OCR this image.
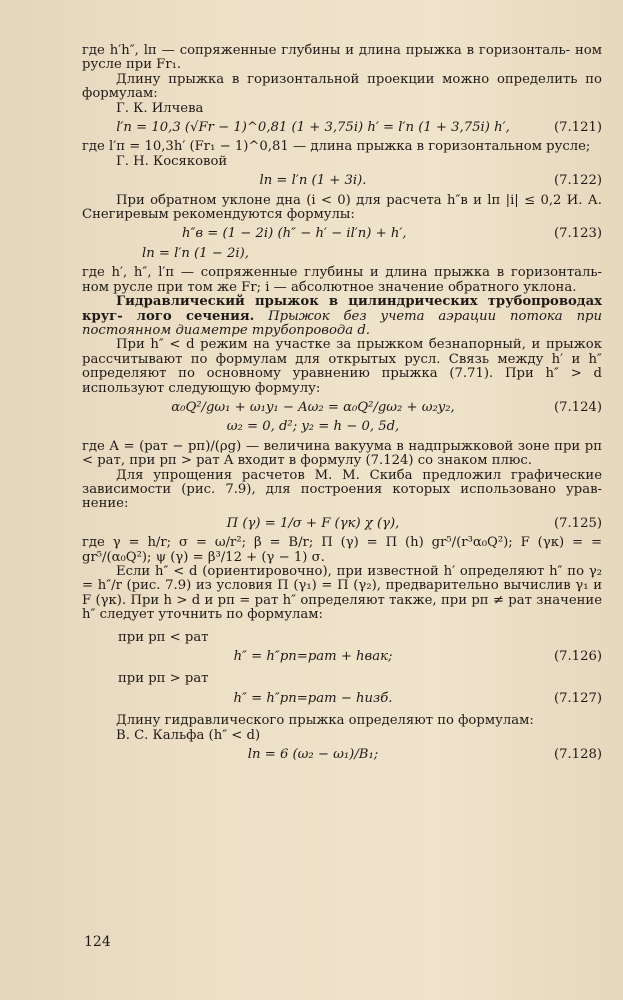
где h′h″, lп — сопряженные глубины и длина прыжка в горизонталь- ном русле при Fr₁.

Длину прыжка в горизонтальной проекции можно определить по формулам:

Г. К. Илчева

l′п = 10,3 (√Fr − 1)^0,81 (1 + 3,75i) h′ = l′п (1 + 3,75i) h′,	(7.121)

где l′п = 10,3h′ (Fr₁ − 1)^0,81 — длина прыжка в горизонтальном русле;

Г. Н. Косяковой

lп = l′п (1 + 3i).	(7.122)

При обратном уклоне дна (i < 0) для расчета h″в и lп |i| ≤ 0,2 И. А. Снегиревым рекомендуются формулы:

h″в = (1 − 2i) (h″ − h′ − il′п) + h′,	(7.123)
lп = l′п (1 − 2i),

где h′, h″, l′п — сопряженные глубины и длина прыжка в горизонталь- ном русле при том же Fr; i — абсолютное значение обратного уклона.

Гидравлический прыжок в цилиндрических трубопроводах круг- лого сечения. Прыжок без учета аэрации потока при постоянном диаметре трубопровода d.

При h″ < d режим на участке за прыжком безнапорный, и прыжок рассчитывают по формулам для открытых русл. Связь между h′ и h″ определяют по основному уравнению прыжка (7.71). При h″ > d используют следующую формулу:

α₀Q²/gω₁ + ω₁y₁ − Aω₂ = α₀Q²/gω₂ + ω₂y₂,	(7.124)
ω₂ = 0, d²; y₂ = h − 0, 5d,

где A = (pат − pп)/(ρg) — величина вакуума в надпрыжковой зоне при pп < pат, при pп > pат A входит в формулу (7.124) со знаком плюс.

Для упрощения расчетов М. М. Скиба предложил графические зависимости (рис. 7.9), для построения которых использовано урав- нение:

Π (γ) = 1/σ + F (γк) χ (γ),	(7.125)

где γ = h/r; σ = ω/r²; β = B/r; Π (γ) = Π (h) gr⁵/(r³α₀Q²); F (γк) = = gr⁵/(α₀Q²); ψ (γ) = β³/12 + (γ − 1) σ.

Если h″ < d (ориентировочно), при известной h′ определяют h″ по γ₂ = h″/r (рис. 7.9) из условия Π (γ₁) = Π (γ₂), предварительно вычислив γ₁ и F (γк). При h > d и pп = pат h″ определяют также, при pп ≠ pат значение h″ следует уточнить по формулам:

при pп < pат

h″ = h″pп=pат + hвак;	(7.126)

при pп > pат

h″ = h″pп=pат − hизб.	(7.127)

Длину гидравлического прыжка определяют по формулам:

В. С. Кальфа (h″ < d)

lп = 6 (ω₂ − ω₁)/B₁;	(7.128)
124
